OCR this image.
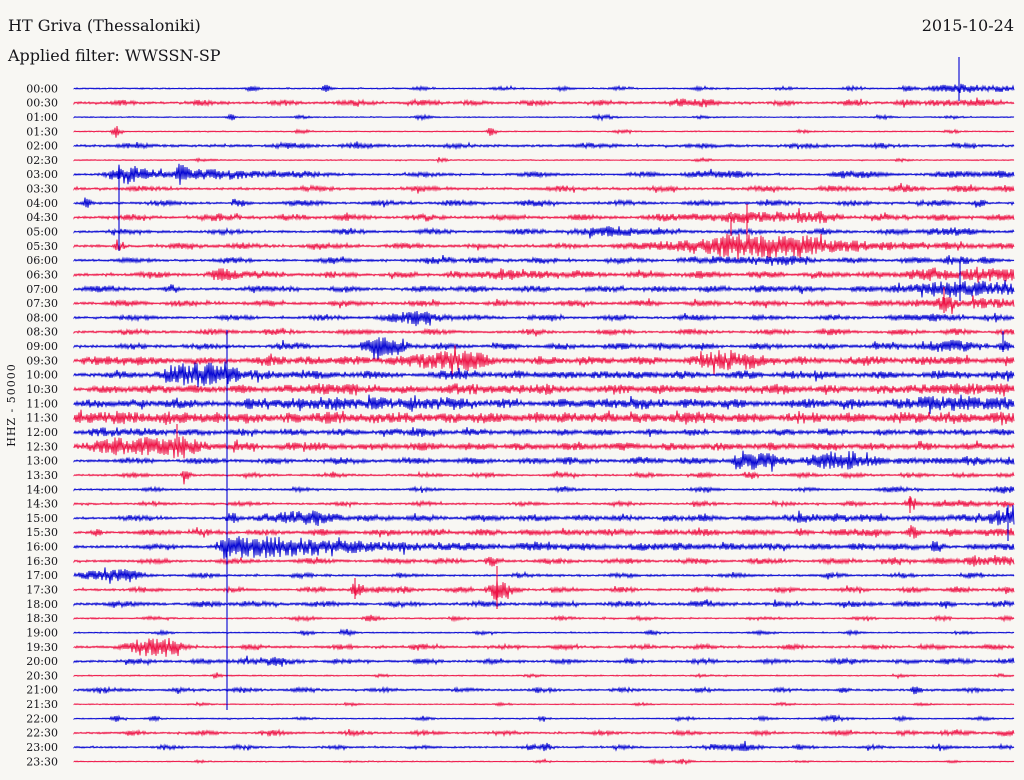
HT Griva (Thessaloniki)
Applied filter: WWSSN-SP
2015-10-24
HHZ - 50000
00:00
00:30
01:00
01:30
02:00
02:30
03:00
03:30
04:00
04:30
05:00
05:30
06:00
06:30
07:00
07:30
08:00
08:30
09:00
09:30
10:00
10:30
11:00
11:30
12:00
12:30
13:00
13:30
14:00
14:30
15:00
15:30
16:00
16:30
17:00
17:30
18:00
18:30
19:00
19:30
20:00
20:30
21:00
21:30
22:00
22:30
23:00
23:30
